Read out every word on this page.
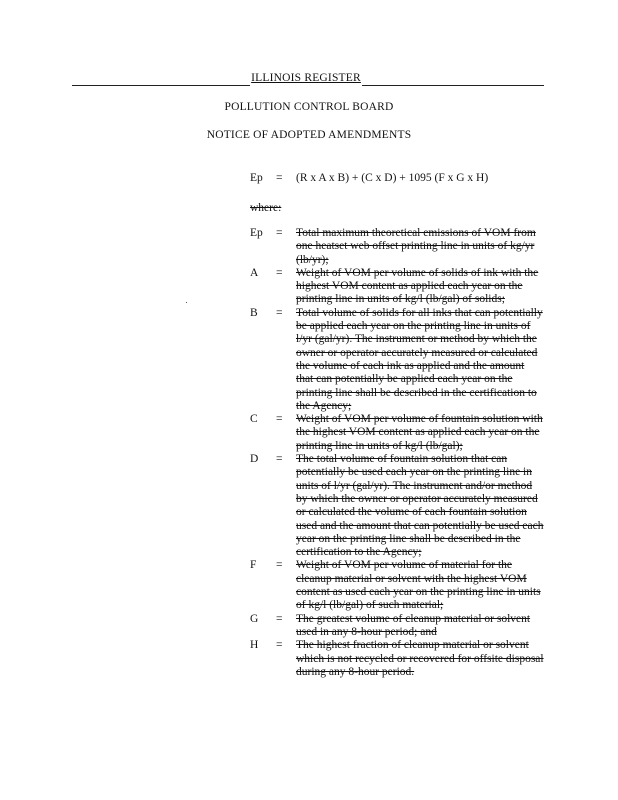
ILLINOIS REGISTER
POLLUTION CONTROL BOARD
NOTICE OF ADOPTED AMENDMENTS
Ep = (R x A x B) + (C x D) + 1095 (F x G x H)
where:
Ep	= Total maximum theoretical emissions of VOM from one heatset web offset printing line in units of kg/yr (lb/yr);
A	= Weight of VOM per volume of solids of ink with the highest VOM content as applied each year on the printing line in units of kg/l (lb/gal) of solids;
B	= Total volume of solids for all inks that can potentially be applied each year on the printing line in units of l/yr (gal/yr). The instrument or method by which the owner or operator accurately measured or calculated the volume of each ink as applied and the amount that can potentially be applied each year on the printing line shall be described in the certification to the Agency;
C	= Weight of VOM per volume of fountain solution with the highest VOM content as applied each year on the printing line in units of kg/l (lb/gal);
D	= The total volume of fountain solution that can potentially be used each year on the printing line in units of l/yr (gal/yr). The instrument and/or method by which the owner or operator accurately measured or calculated the volume of each fountain solution used and the amount that can potentially be used each year on the printing line shall be described in the certification to the Agency;
F	= Weight of VOM per volume of material for the cleanup material or solvent with the highest VOM content as used each year on the printing line in units of kg/l (lb/gal) of such material;
G	= The greatest volume of cleanup material or solvent used in any 8-hour period; and
H	= The highest fraction of cleanup material or solvent which is not recycled or recovered for offsite disposal during any 8-hour period.
